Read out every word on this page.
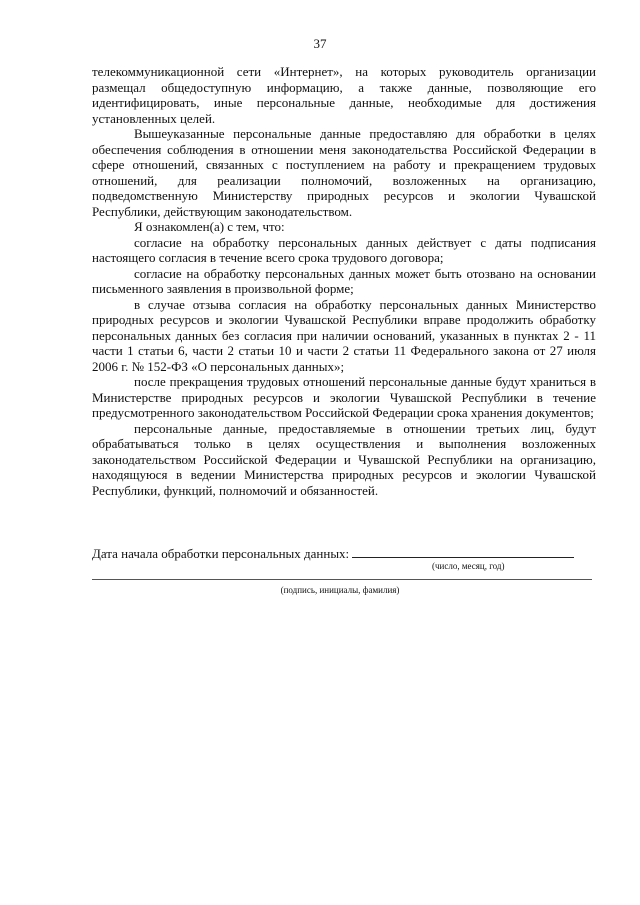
37

телекоммуникационной сети «Интернет», на которых руководитель организации размещал общедоступную информацию, а также данные, позволяющие его идентифицировать, иные персональные данные, необходимые для достижения установленных целей.

Вышеуказанные персональные данные предоставляю для обработки в целях обеспечения соблюдения в отношении меня законодательства Российской Федерации в сфере отношений, связанных с поступлением на работу и прекращением трудовых отношений, для реализации полномочий, возложенных на организацию, подведомственную Министерству природных ресурсов и экологии Чувашской Республики, действующим законодательством.

Я ознакомлен(а) с тем, что:

согласие на обработку персональных данных действует с даты подписания настоящего согласия в течение всего срока трудового договора;

согласие на обработку персональных данных может быть отозвано на основании письменного заявления в произвольной форме;

в случае отзыва согласия на обработку персональных данных Министерство природных ресурсов и экологии Чувашской Республики вправе продолжить обработку персональных данных без согласия при наличии оснований, указанных в пунктах 2 - 11 части 1 статьи 6, части 2 статьи 10 и части 2 статьи 11 Федерального закона от 27 июля 2006 г. № 152-ФЗ «О персональных данных»;

после прекращения трудовых отношений персональные данные будут храниться в Министерстве природных ресурсов и экологии Чувашской Республики в течение предусмотренного законодательством Российской Федерации срока хранения документов;

персональные данные, предоставляемые в отношении третьих лиц, будут обрабатываться только в целях осуществления и выполнения возложенных законодательством Российской Федерации и Чувашской Республики на организацию, находящуюся в ведении Министерства природных ресурсов и экологии Чувашской Республики, функций, полномочий и обязанностей.

Дата начала обработки персональных данных:
(число, месяц, год)
(подпись, инициалы, фамилия)
